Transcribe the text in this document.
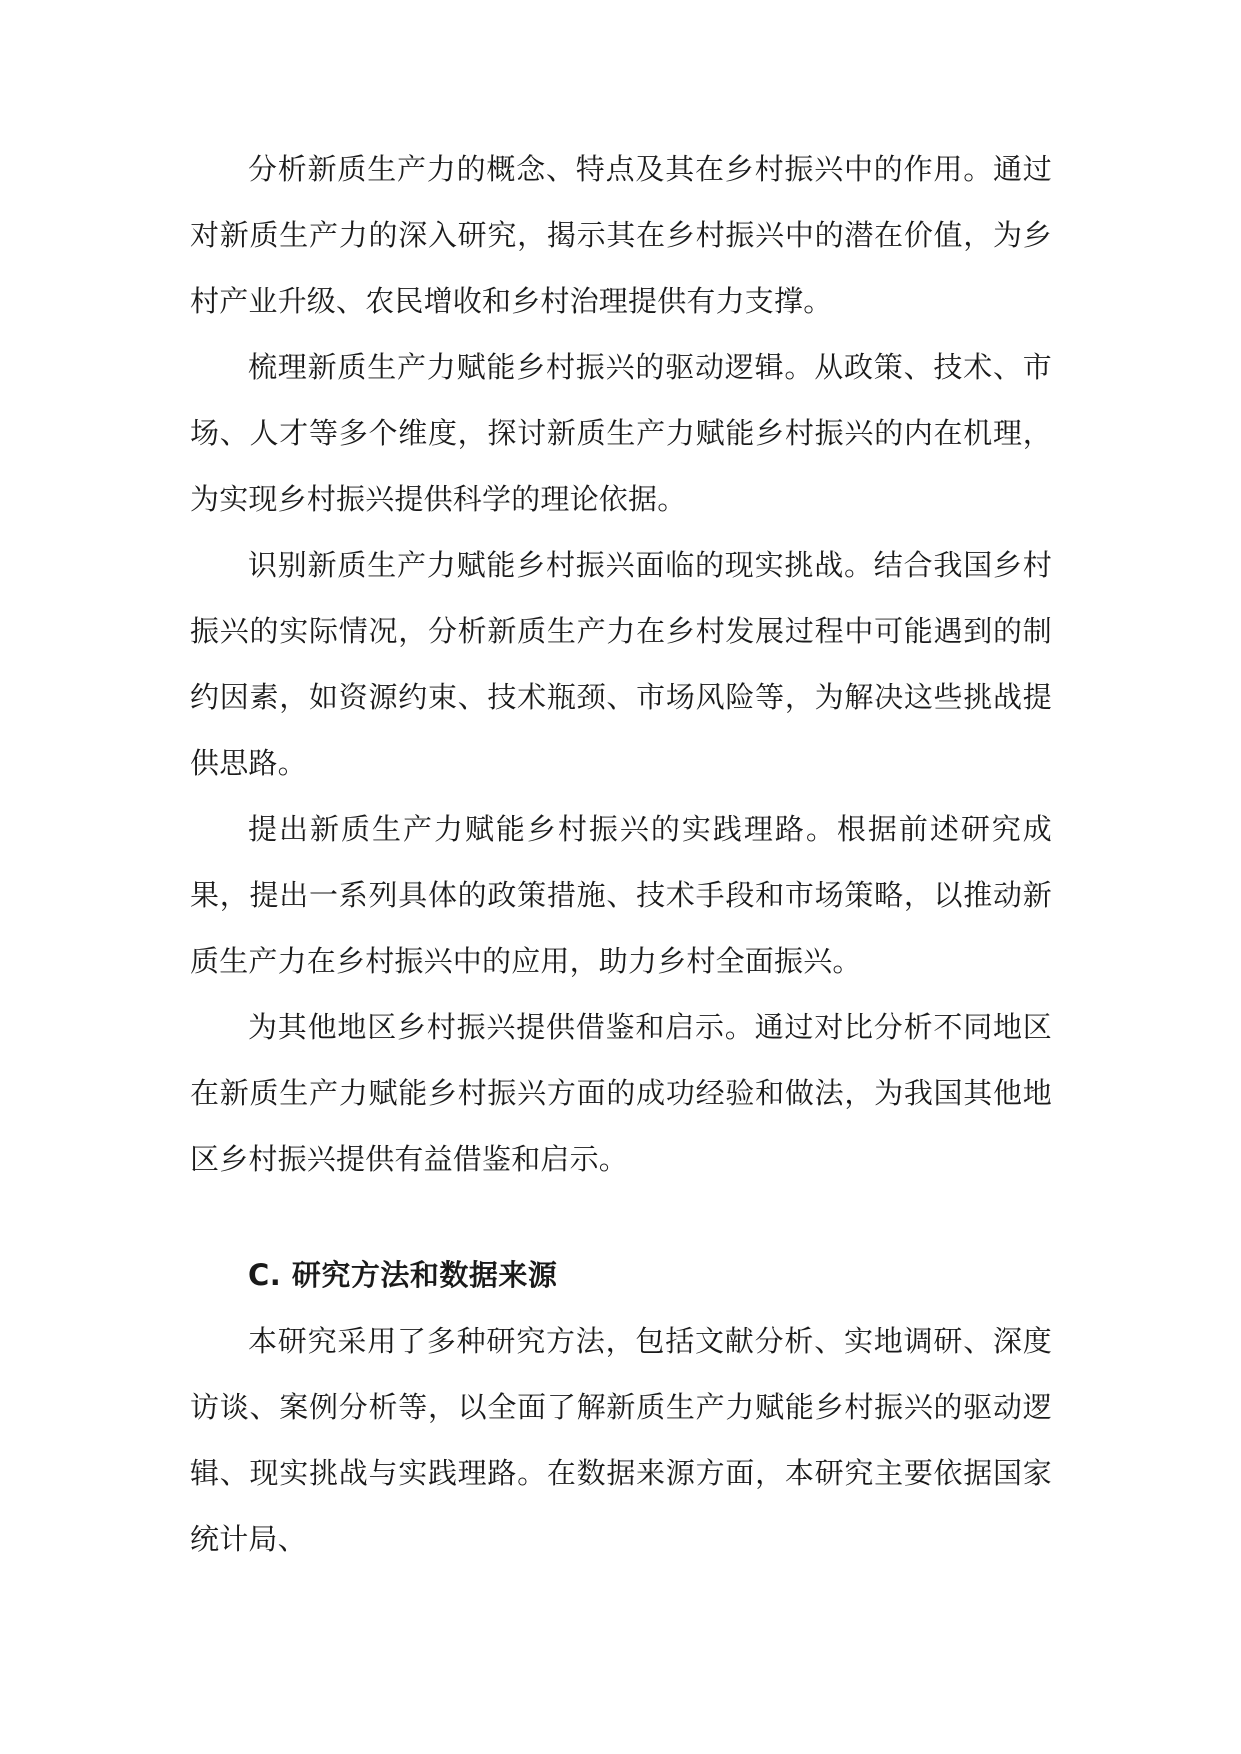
分析新质生产力的概念、特点及其在乡村振兴中的作用。通过对新质生产力的深入研究，揭示其在乡村振兴中的潜在价值，为乡村产业升级、农民增收和乡村治理提供有力支撑。

梳理新质生产力赋能乡村振兴的驱动逻辑。从政策、技术、市场、人才等多个维度，探讨新质生产力赋能乡村振兴的内在机理，为实现乡村振兴提供科学的理论依据。

识别新质生产力赋能乡村振兴面临的现实挑战。结合我国乡村振兴的实际情况，分析新质生产力在乡村发展过程中可能遇到的制约因素，如资源约束、技术瓶颈、市场风险等，为解决这些挑战提供思路。

提出新质生产力赋能乡村振兴的实践理路。根据前述研究成果，提出一系列具体的政策措施、技术手段和市场策略，以推动新质生产力在乡村振兴中的应用，助力乡村全面振兴。

为其他地区乡村振兴提供借鉴和启示。通过对比分析不同地区在新质生产力赋能乡村振兴方面的成功经验和做法，为我国其他地区乡村振兴提供有益借鉴和启示。

C. 研究方法和数据来源

本研究采用了多种研究方法，包括文献分析、实地调研、深度访谈、案例分析等，以全面了解新质生产力赋能乡村振兴的驱动逻辑、现实挑战与实践理路。在数据来源方面，本研究主要依据国家统计局、
